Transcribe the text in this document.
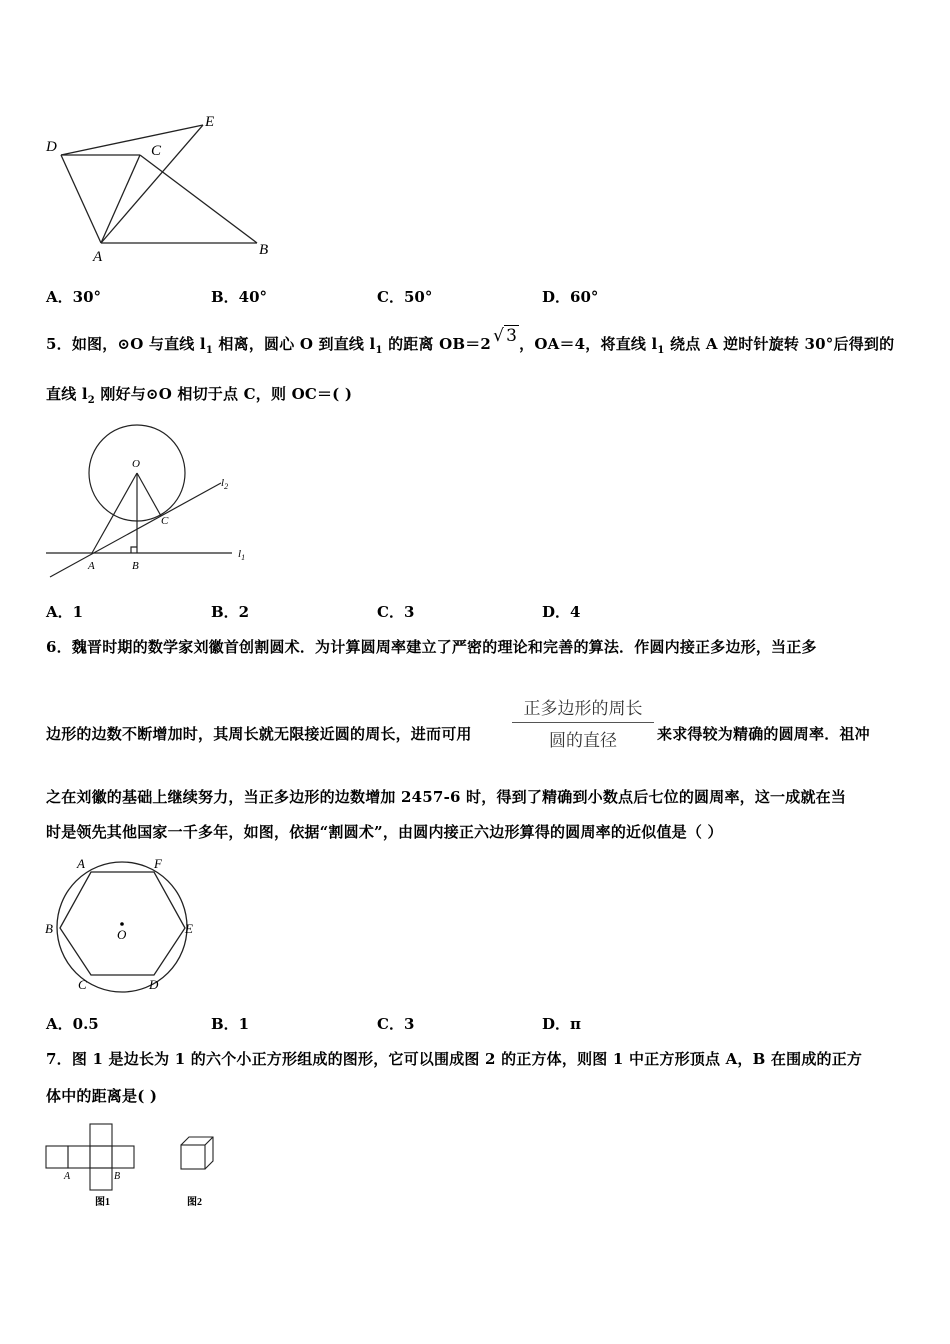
D
E
C
A	B
A．30°	B．40°	C．50°	D．60°
5．如图，⊙O 与直线 $l_1$ 相离，圆心 O 到直线 $l_1$ 的距离 OB＝2 √ 3 ，OA＝4，将直线 $l_1$ 绕点 A 逆时针旋转 30°后得到的
直线 $l_2$ 刚好与⊙O 相切于点 C，则 OC＝( )
O
C
A	B
$l_1$
$l_2$
A．1	B．2	C．3	D．4
6．魏晋时期的数学家刘徽首创割圆术．为计算圆周率建立了严密的理论和完善的算法．作圆内接正多边形，当正多
边形的边数不断增加时，其周长就无限接近圆的周长，进而可用
正多边形的周长
圆的直径	来求得较为精确的圆周率．祖冲
之在刘徽的基础上继续努力，当正多边形的边数增加 2457-6 时，得到了精确到小数点后七位的圆周率，这一成就在当
时是领先其他国家一千多年，如图，依据“割圆术”，由圆内接正六边形算得的圆周率的近似值是（ ）
A	F
B	E
O
C	D
A．0.5	B．1	C．3	D．π
7．图 1 是边长为 1 的六个小正方形组成的图形，它可以围成图 2 的正方体，则图 1 中正方形顶点 A，B 在围成的正方
体中的距离是( )
A	B
图1	图2
